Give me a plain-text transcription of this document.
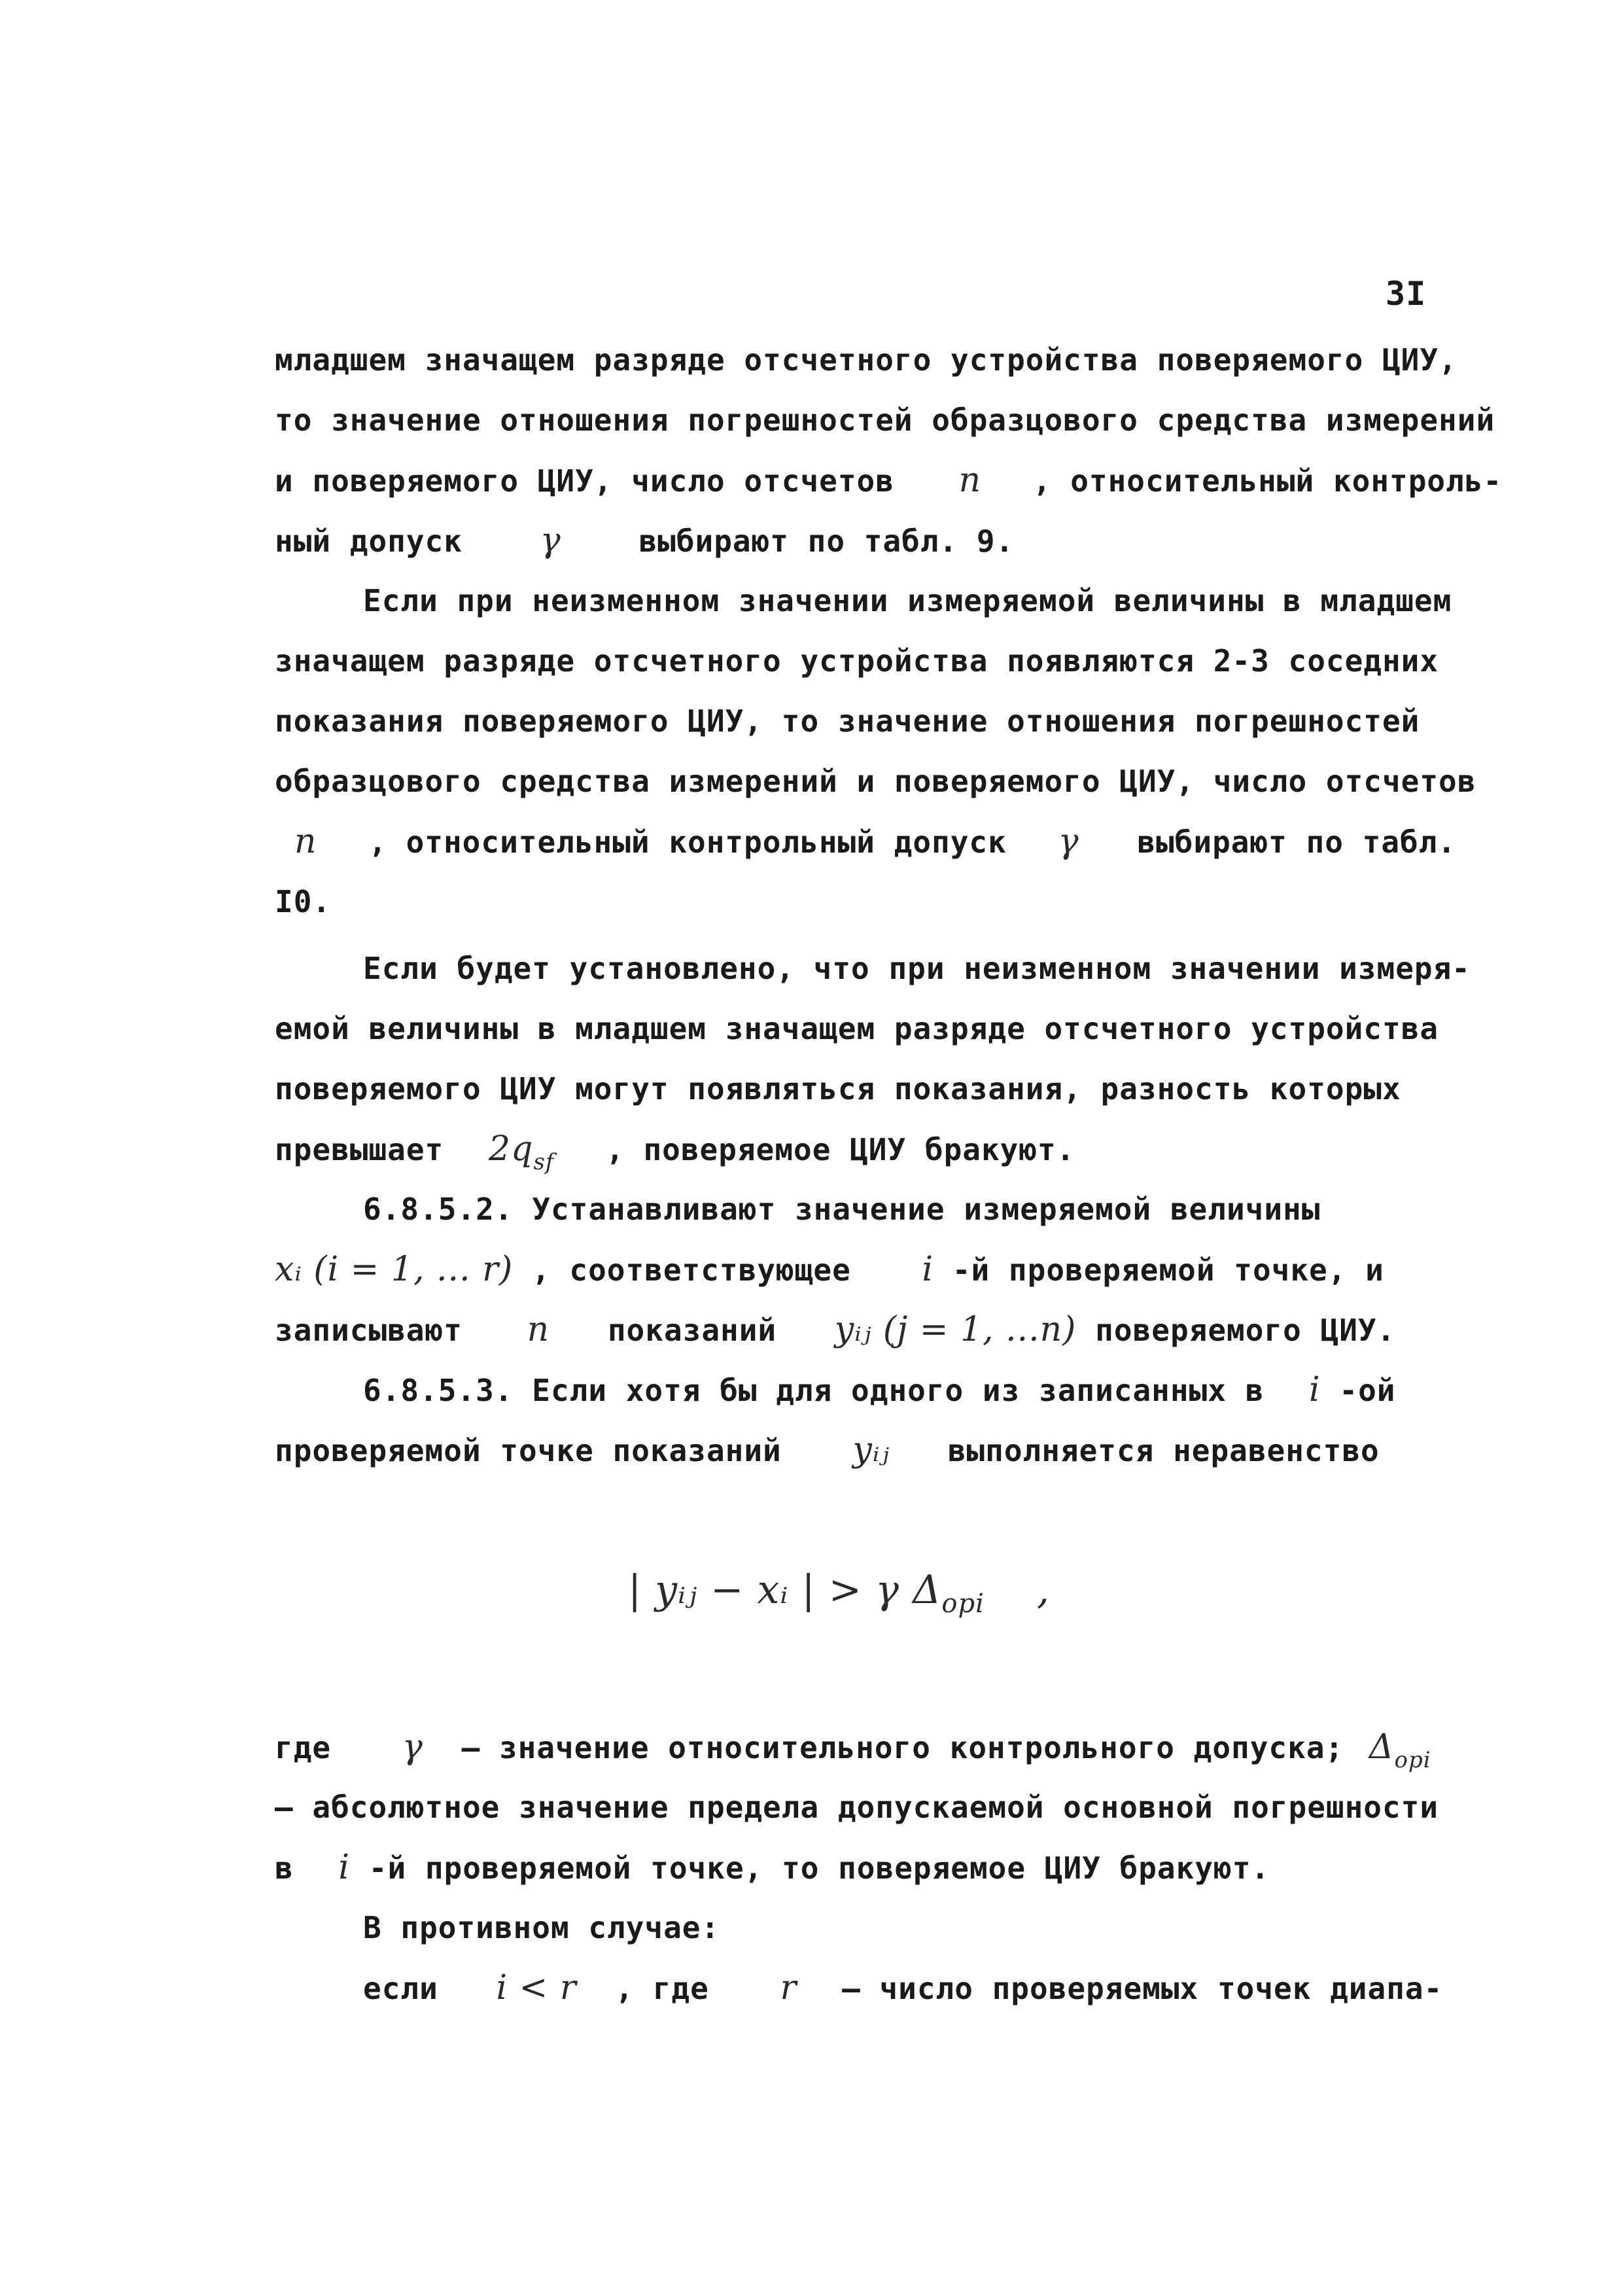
3I
младшем значащем разряде отсчетного устройства поверяемого ЦИУ,
то значение отношения погрешностей образцового средства измерений
и поверяемого ЦИУ, число отсчетов n , относительный контроль-
ный допуск γ	выбирают по табл. 9.
Если при неизменном значении измеряемой величины в младшем
значащем разряде отсчетного устройства появляются 2-3 соседних
показания поверяемого ЦИУ, то значение отношения погрешностей
образцового средства измерений и поверяемого ЦИУ, число отсчетов
n , относительный контрольный допуск γ выбирают по табл.
I0.
Если будет установлено, что при неизменном значении измеря-
емой величины в младшем значащем разряде отсчетного устройства
поверяемого ЦИУ могут появляться показания, разность которых
превышает $2q_{sf}$ , поверяемое ЦИУ бракуют.
6.8.5.2. Устанавливают значение измеряемой величины
xᵢ (i = 1, ... r) , соответствующее i -й проверяемой точке, и
записывают n показаний yᵢⱼ (j = 1, ...n) поверяемого ЦИУ.
6.8.5.3. Если хотя бы для одного из записанных в i -ой
проверяемой точке показаний yᵢⱼ выполняется неравенство
| yᵢⱼ − xᵢ | > γ $\Delta_{opi}$ ,
где γ – значение относительного контрольного допуска; $\Delta_{opi}$
– абсолютное значение предела допускаемой основной погрешности
в i -й проверяемой точке, то поверяемое ЦИУ бракуют.
В противном случае:
если i < r , где r – число проверяемых точек диапа-
